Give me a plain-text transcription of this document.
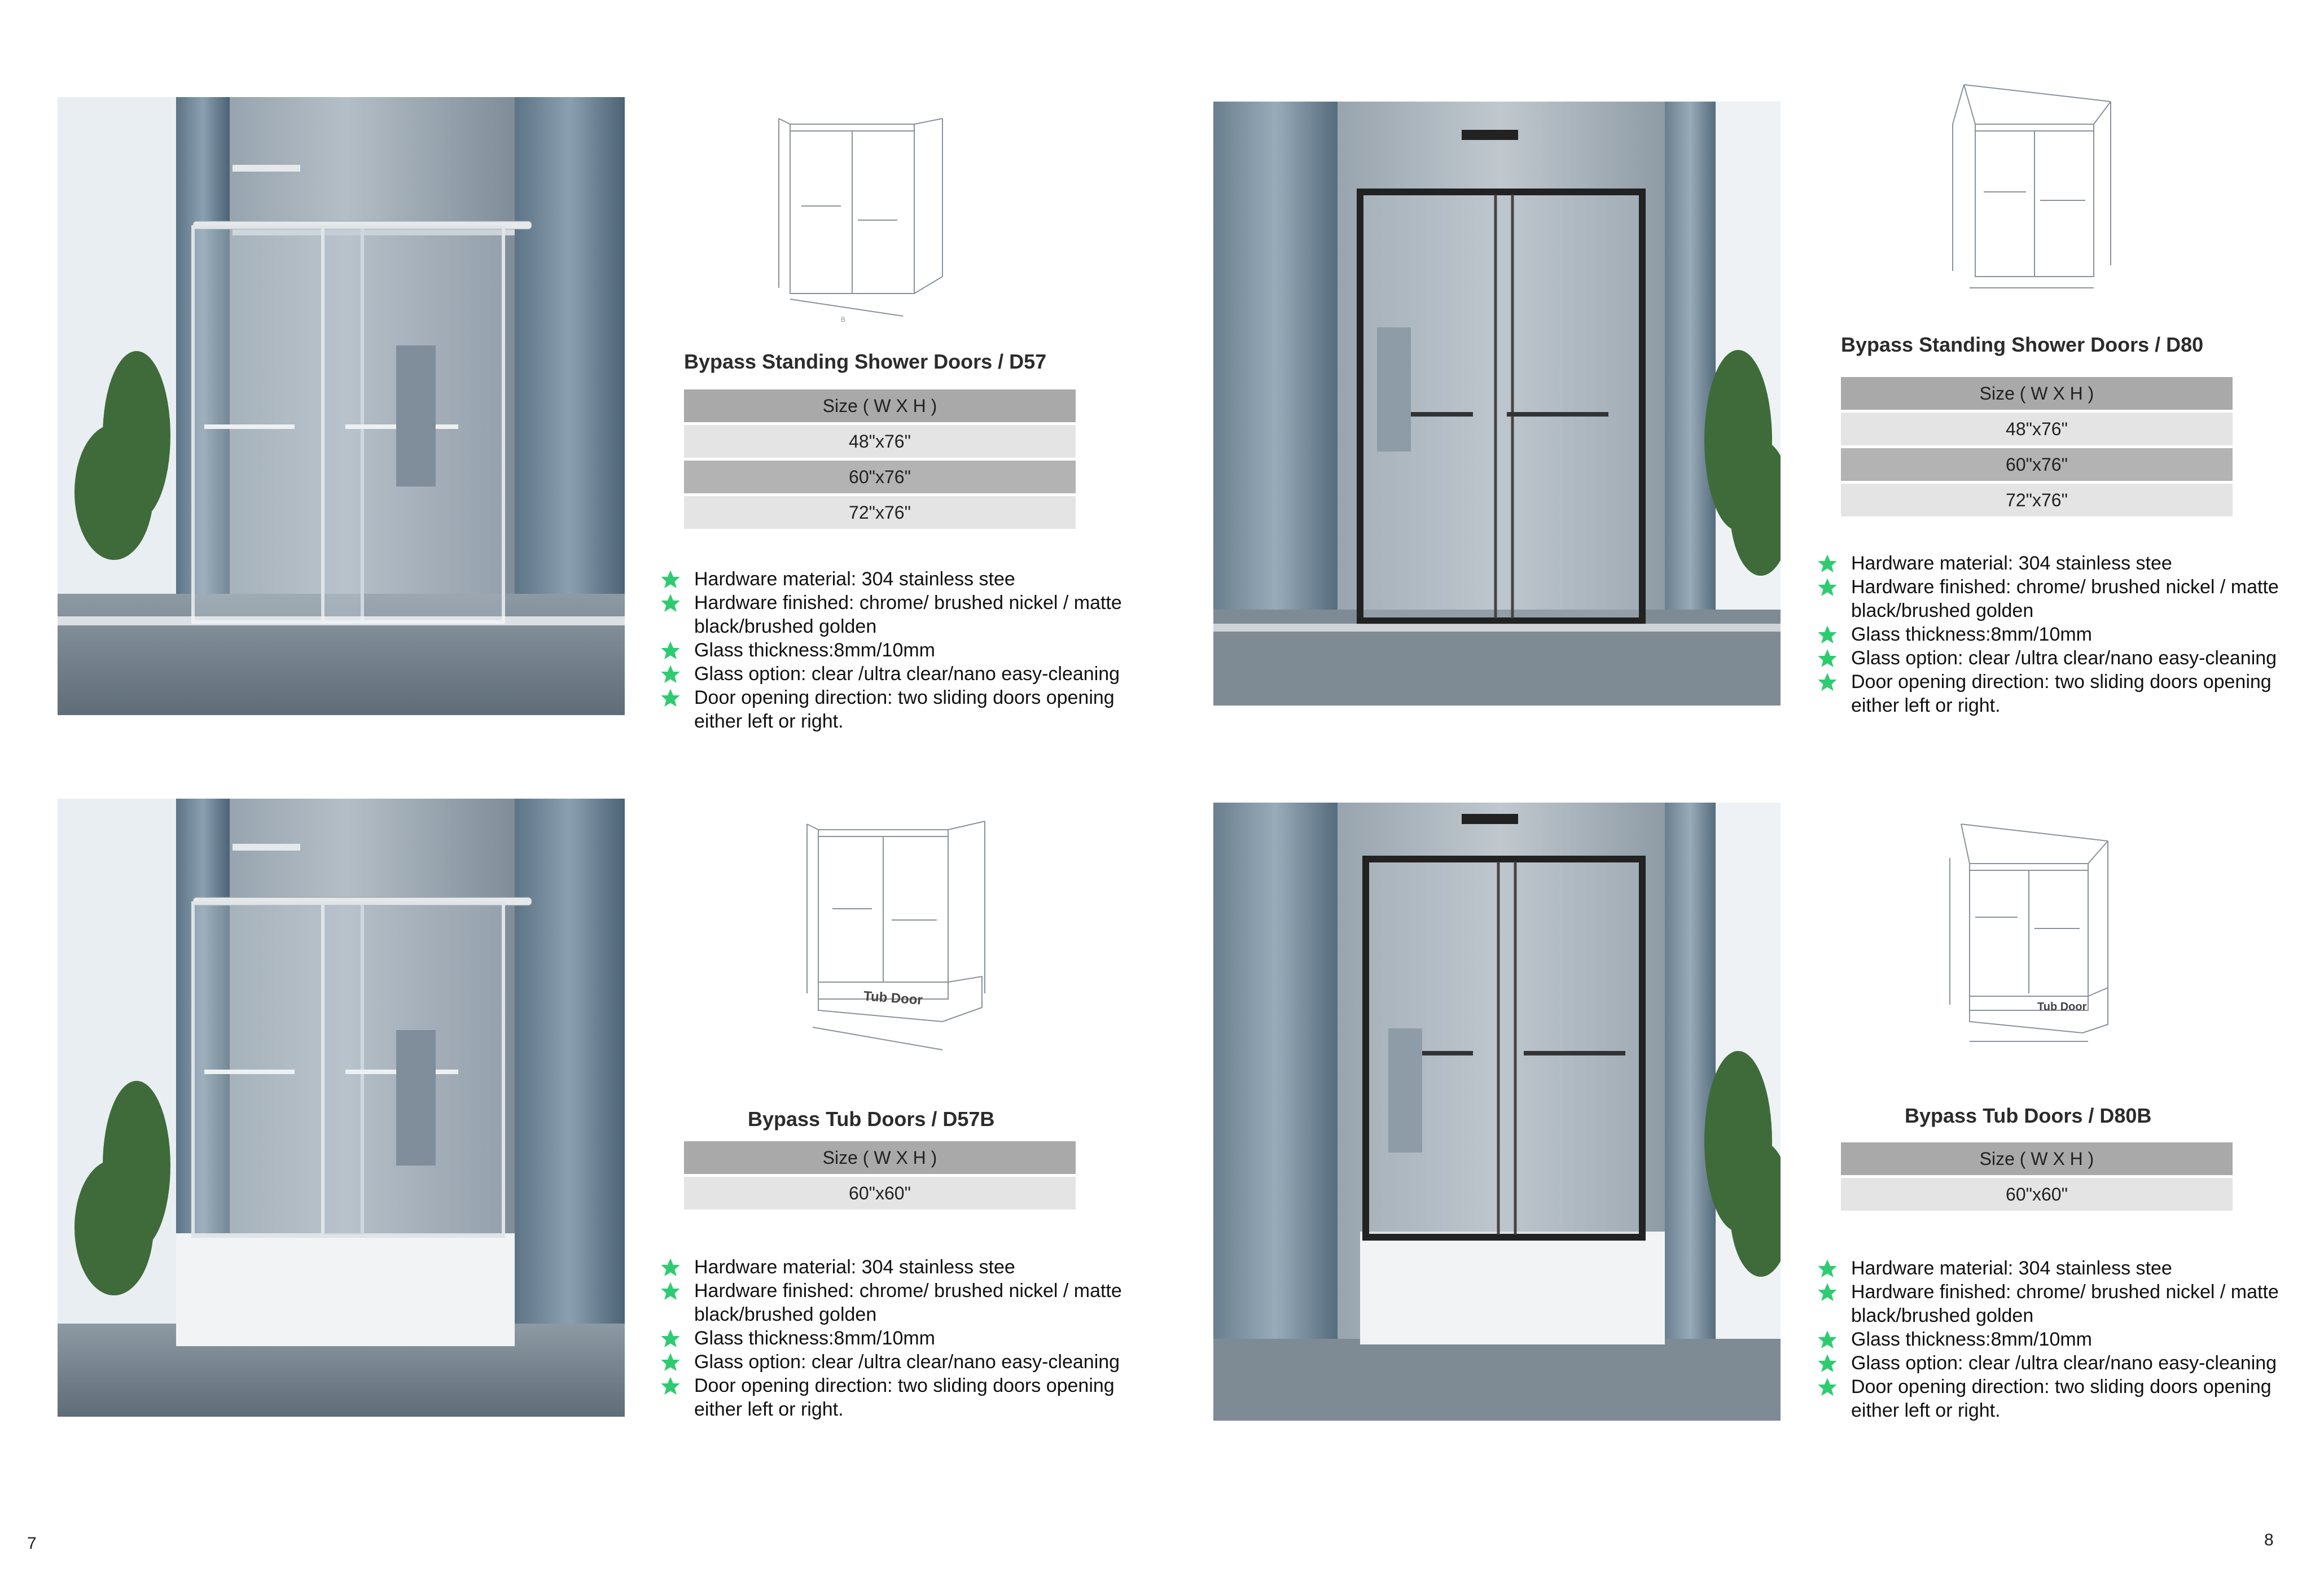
B
Bypass Standing Shower Doors / D57
Size ( W X H )
48"x76"
60"x76"
72"x76"
Hardware material: 304 stainless stee
Hardware finished: chrome/ brushed nickel / matte black/brushed golden
Glass thickness:8mm/10mm
Glass option: clear /ultra clear/nano easy-cleaning
Door opening direction: two sliding doors opening either left or right.
Bypass Standing Shower Doors / D80
Size ( W X H )
48"x76"
60"x76"
72"x76"
Hardware material: 304 stainless stee
Hardware finished: chrome/ brushed nickel / matte black/brushed golden
Glass thickness:8mm/10mm
Glass option: clear /ultra clear/nano easy-cleaning
Door opening direction: two sliding doors opening either left or right.
Tub Door
Bypass Tub Doors / D57B
Size ( W X H )
60"x60"
Hardware material: 304 stainless stee
Hardware finished: chrome/ brushed nickel / matte black/brushed golden
Glass thickness:8mm/10mm
Glass option: clear /ultra clear/nano easy-cleaning
Door opening direction: two sliding doors opening either left or right.
Tub Door
Bypass Tub Doors / D80B
Size ( W X H )
60"x60"
Hardware material: 304 stainless stee
Hardware finished: chrome/ brushed nickel / matte black/brushed golden
Glass thickness:8mm/10mm
Glass option: clear /ultra clear/nano easy-cleaning
Door opening direction: two sliding doors opening either left or right.
7	8
